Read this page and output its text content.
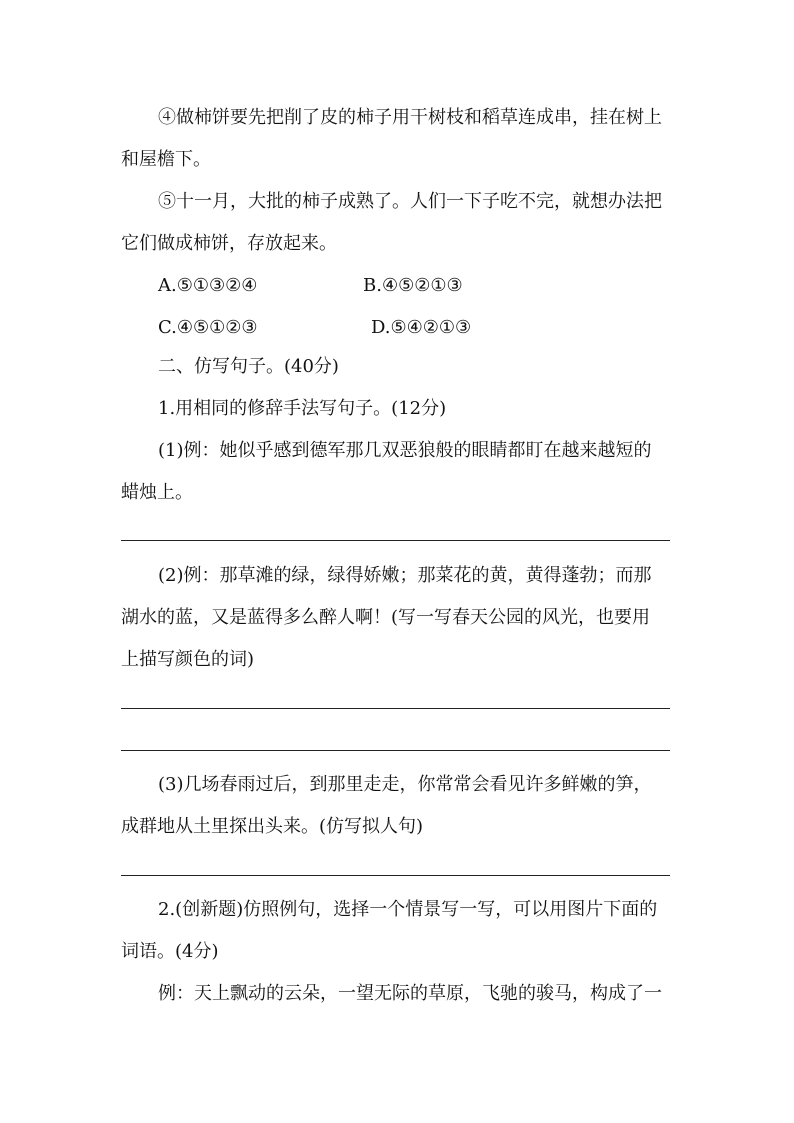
④做柿饼要先把削了皮的柿子用干树枝和稻草连成串，挂在树上
和屋檐下。
⑤十一月，大批的柿子成熟了。人们一下子吃不完，就想办法把
它们做成柿饼，存放起来。
A.⑤①③②④	B.④⑤②①③
C.④⑤①②③	D.⑤④②①③
二、仿写句子。(40分)
1.用相同的修辞手法写句子。(12分)
(1)例：她似乎感到德军那几双恶狼般的眼睛都盯在越来越短的
蜡烛上。
(2)例：那草滩的绿，绿得娇嫩；那菜花的黄，黄得蓬勃；而那
湖水的蓝，又是蓝得多么醉人啊！(写一写春天公园的风光，也要用
上描写颜色的词)
(3)几场春雨过后，到那里走走，你常常会看见许多鲜嫩的笋，
成群地从土里探出头来。(仿写拟人句)
2.(创新题)仿照例句，选择一个情景写一写，可以用图片下面的
词语。(4分)
例：天上飘动的云朵，一望无际的草原，飞驰的骏马，构成了一
